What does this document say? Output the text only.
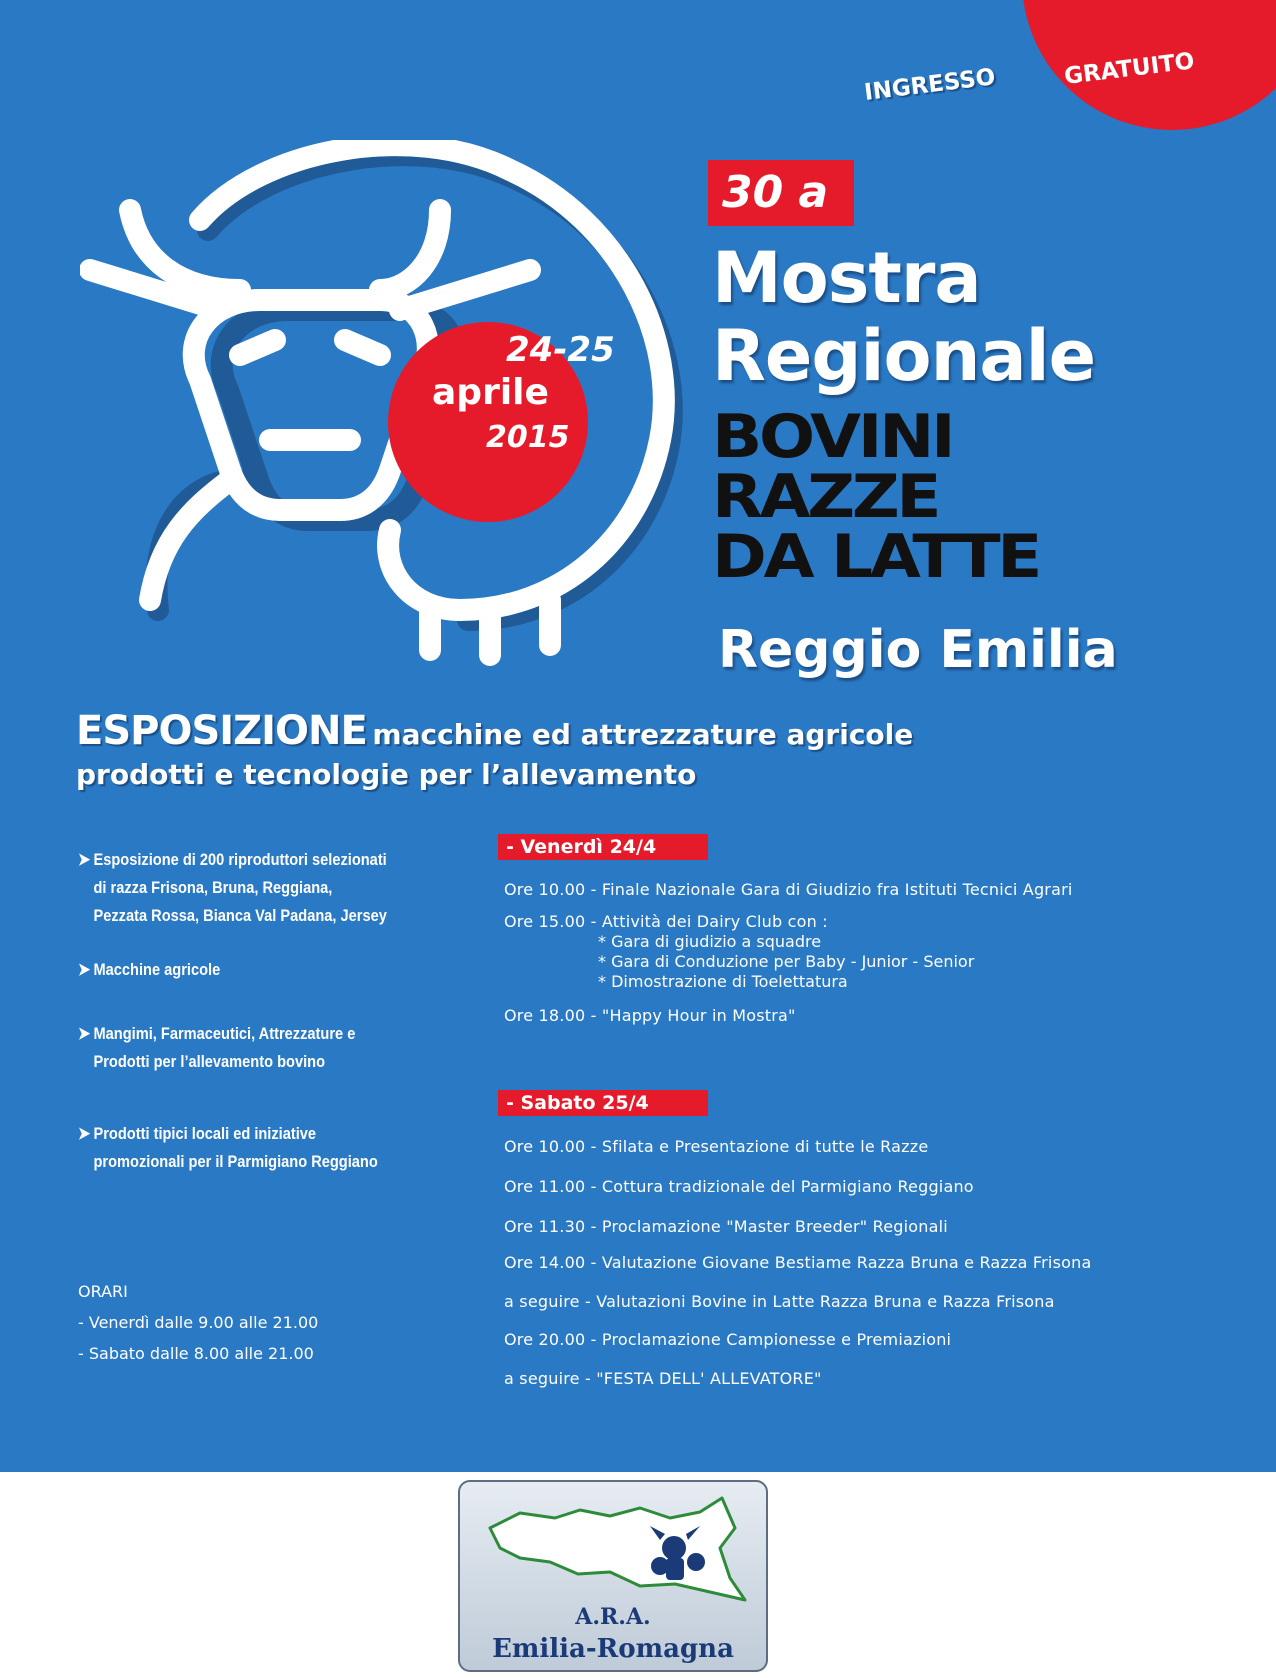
INGRESSO	GRATUITO
24-25
aprile
2015
30 a
Mostra
Regionale
BOVINI
RAZZE
DA LATTE
Reggio Emilia
ESPOSIZIONE macchine ed attrezzature agricole
prodotti e tecnologie per l’allevamento
➤ Esposizione di 200 riproduttori selezionati
di razza Frisona, Bruna, Reggiana,
Pezzata Rossa, Bianca Val Padana, Jersey
➤ Macchine agricole
➤ Mangimi, Farmaceutici, Attrezzature e
Prodotti per l’allevamento bovino
➤ Prodotti tipici locali ed iniziative
promozionali per il Parmigiano Reggiano
ORARI
- Venerdì dalle 9.00 alle 21.00
- Sabato dalle 8.00 alle 21.00
- Venerdì 24/4
Ore 10.00 - Finale Nazionale Gara di Giudizio fra Istituti Tecnici Agrari
Ore 15.00 - Attività dei Dairy Club con :
* Gara di giudizio a squadre
* Gara di Conduzione per Baby - Junior - Senior
* Dimostrazione di Toelettatura
Ore 18.00 - "Happy Hour in Mostra"
- Sabato 25/4
Ore 10.00 - Sfilata e Presentazione di tutte le Razze
Ore 11.00 - Cottura tradizionale del Parmigiano Reggiano
Ore 11.30 - Proclamazione "Master Breeder" Regionali
Ore 14.00 - Valutazione Giovane Bestiame Razza Bruna e Razza Frisona
a seguire - Valutazioni Bovine in Latte Razza Bruna e Razza Frisona
Ore 20.00 - Proclamazione Campionesse e Premiazioni
a seguire - "FESTA DELL' ALLEVATORE"
A.R.A.
Emilia-Romagna
